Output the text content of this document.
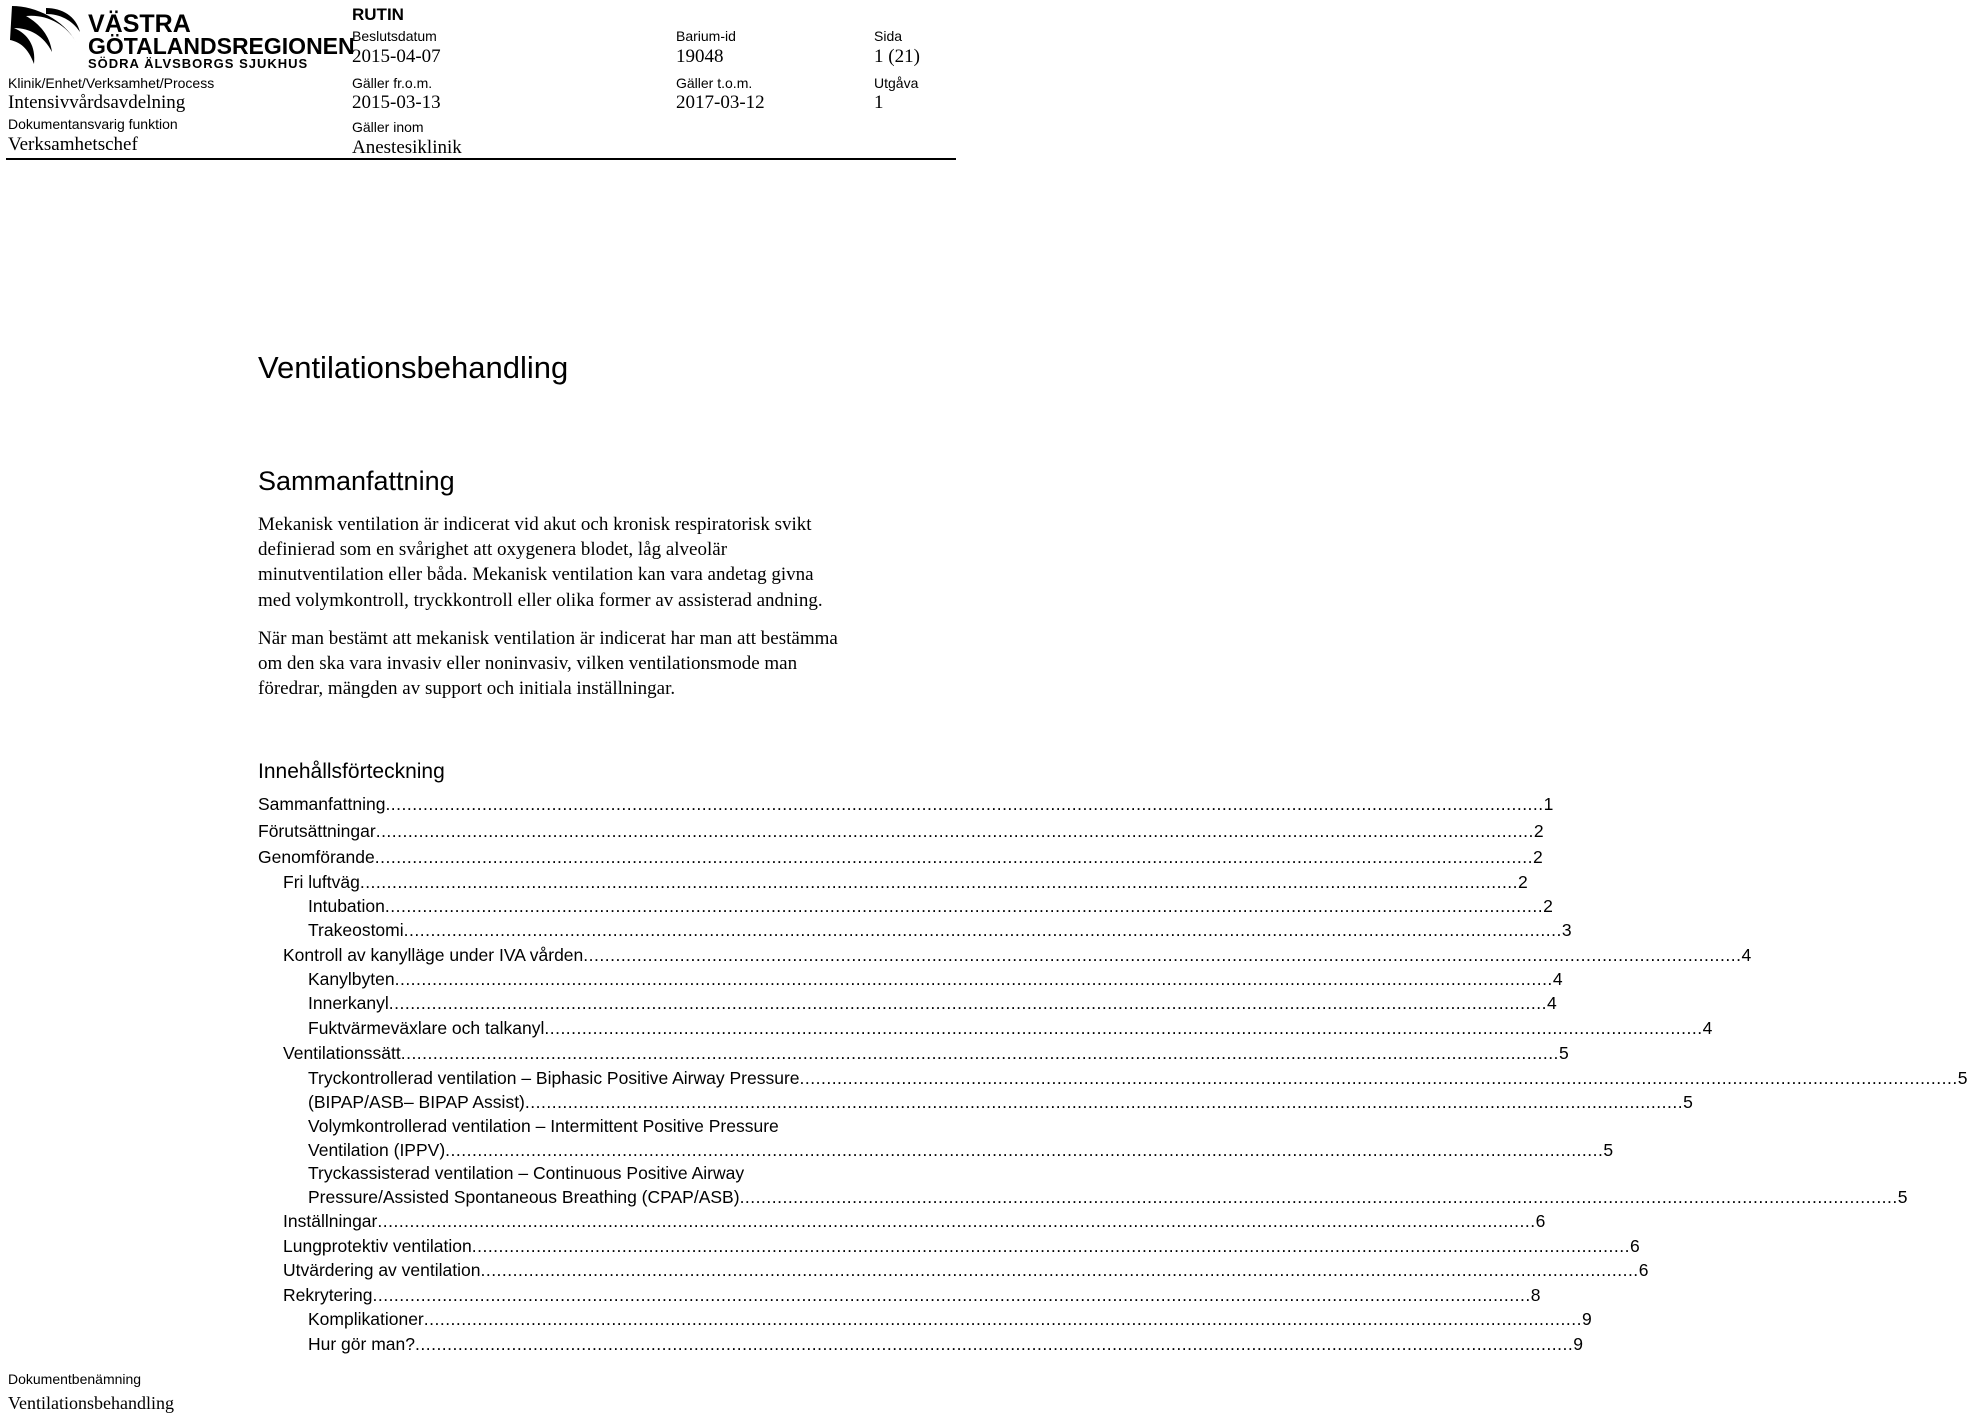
VÄSTRA
GÖTALANDSREGIONEN
SÖDRA ÄLVSBORGS SJUKHUS
RUTIN
Beslutsdatum
2015-04-07
Barium-id
19048
Sida
1 (21)
Klinik/Enhet/Verksamhet/Process
Intensivvårdsavdelning
Gäller fr.o.m.
2015-03-13
Gäller t.o.m.
2017-03-12
Utgåva
1
Dokumentansvarig funktion
Verksamhetschef
Gäller inom
Anestesiklinik
Ventilationsbehandling
Sammanfattning
Mekanisk ventilation är indicerat vid akut och kronisk respiratorisk svikt
definierad som en svårighet att oxygenera blodet, låg alveolär
minutventilation eller båda. Mekanisk ventilation kan vara andetag givna
med volymkontroll, tryckkontroll eller olika former av assisterad andning.
När man bestämt att mekanisk ventilation är indicerat har man att bestämma
om den ska vara invasiv eller noninvasiv, vilken ventilationsmode man
föredrar, mängden av support och initiala inställningar.
Innehållsförteckning
Sammanfattning .....	1
Förutsättningar .....	2
Genomförande .....	2
Fri luftväg .....	2
Intubation .....	2
Trakeostomi .....	3
Kontroll av kanylläge under IVA vården .....	4
Kanylbyten .....	4
Innerkanyl .....	4
Fuktvärmeväxlare och talkanyl .....	4
Ventilationssätt .....	5
Tryckontrollerad ventilation – Biphasic Positive Airway Pressure .....	5
(BIPAP/ASB– BIPAP Assist) .....	5
Volymkontrollerad ventilation – Intermittent Positive Pressure
Ventilation (IPPV) .....	5
Tryckassisterad ventilation – Continuous Positive Airway
Pressure/Assisted Spontaneous Breathing (CPAP/ASB) .....	5
Inställningar .....	6
Lungprotektiv ventilation .....	6
Utvärdering av ventilation .....	6
Rekrytering .....	8
Komplikationer .....	9
Hur gör man? .....	9
Dokumentbenämning
Ventilationsbehandling
